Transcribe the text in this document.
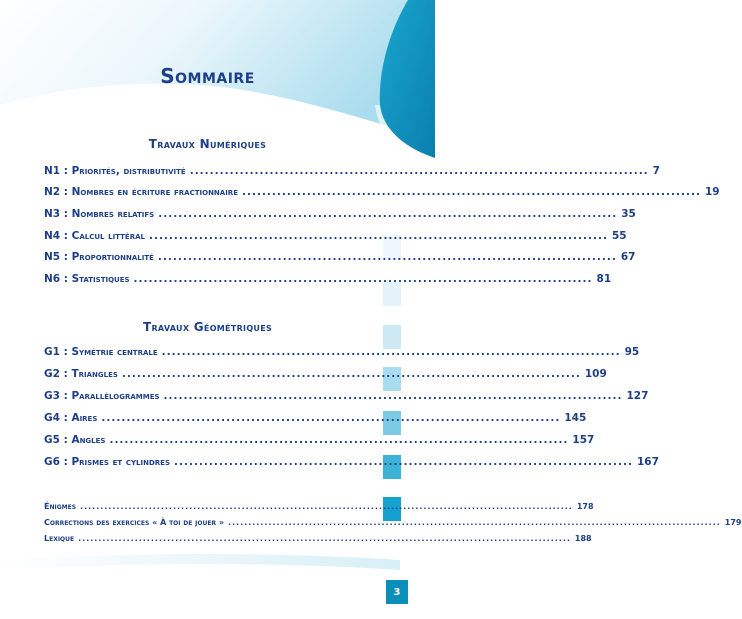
Sommaire
Travaux Numériques
N1 :
Priorités, distributivité ............................................................................................ 7
N2 :
Nombres en écriture fractionnaire ............................................................................................ 19
N3 :
Nombres relatifs ............................................................................................ 35
N4 :
Calcul littéral ............................................................................................ 55
N5 :
Proportionnalité ............................................................................................ 67
N6 :
Statistiques ............................................................................................ 81
Travaux Géométriques
G1 :
Symétrie centrale ............................................................................................ 95
G2 :
Triangles ............................................................................................ 109
G3 :
Parallélogrammes ............................................................................................ 127
G4 :
Aires ............................................................................................ 145
G5 :
Angles ............................................................................................ 157
G6 :
Prismes et cylindres ............................................................................................ 167
Énigmes .......................................................................................................................... 178
Corrections des exercices « À toi de jouer » .......................................................................................................................... 179
Lexique .......................................................................................................................... 188
3
